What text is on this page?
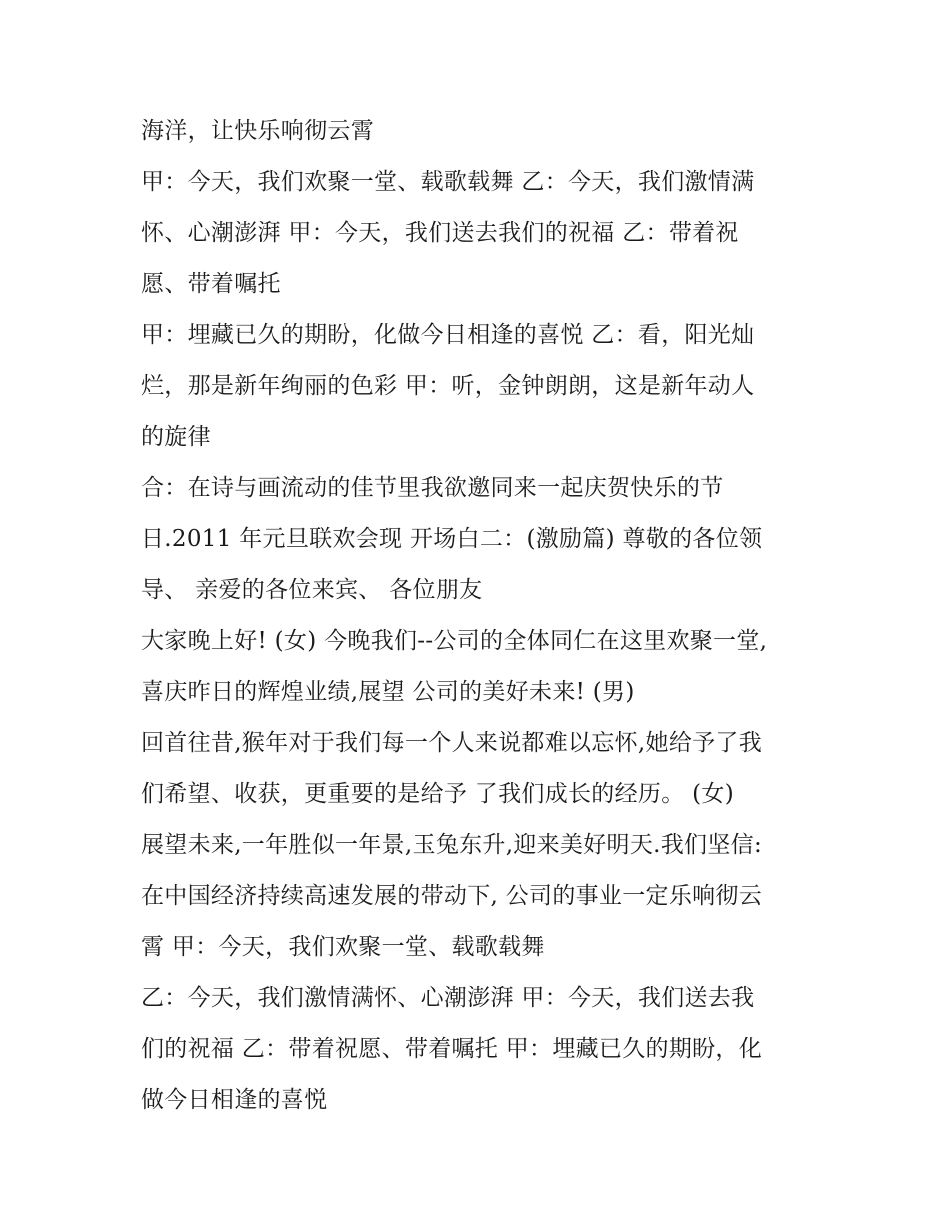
海洋，让快乐响彻云霄
甲：今天，我们欢聚一堂、载歌载舞 乙：今天，我们激情满
怀、心潮澎湃 甲：今天，我们送去我们的祝福 乙：带着祝
愿、带着嘱托
甲：埋藏已久的期盼，化做今日相逢的喜悦 乙：看，阳光灿
烂，那是新年绚丽的色彩 甲：听，金钟朗朗，这是新年动人
的旋律
合：在诗与画流动的佳节里我欲邀同来一起庆贺快乐的节
日.2011 年元旦联欢会现 开场白二：(激励篇) 尊敬的各位领
导、 亲爱的各位来宾、 各位朋友
大家晚上好! (女) 今晚我们--公司的全体同仁在这里欢聚一堂,
喜庆昨日的辉煌业绩,展望 公司的美好未来! (男)
回首往昔,猴年对于我们每一个人来说都难以忘怀,她给予了我
们希望、收获，更重要的是给予 了我们成长的经历。 (女)
展望未来,一年胜似一年景,玉兔东升,迎来美好明天.我们坚信:
在中国经济持续高速发展的带动下, 公司的事业一定乐响彻云
霄 甲：今天，我们欢聚一堂、载歌载舞
乙：今天，我们激情满怀、心潮澎湃 甲：今天，我们送去我
们的祝福 乙：带着祝愿、带着嘱托 甲：埋藏已久的期盼，化
做今日相逢的喜悦
